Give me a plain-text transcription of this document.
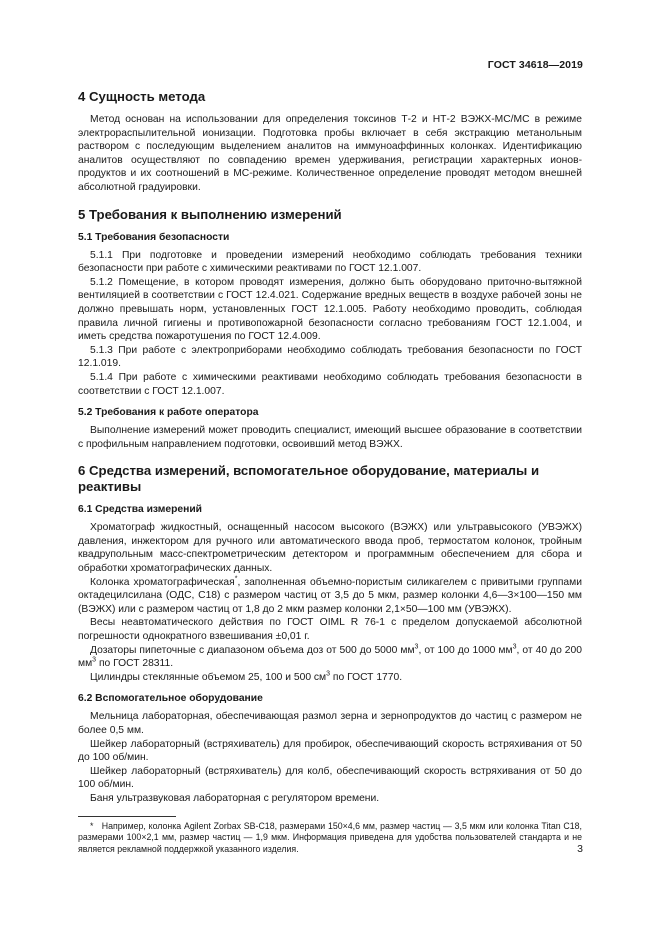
ГОСТ 34618—2019
4 Сущность метода

Метод основан на использовании для определения токсинов Т-2 и НТ-2 ВЭЖХ-МС/МС в режиме электрораспылительной ионизации. Подготовка пробы включает в себя экстракцию метанольным раствором с последующим выделением аналитов на иммуноаффинных колонках. Идентификацию аналитов осуществляют по совпадению времен удерживания, регистрации характерных ионов-продуктов и их соотношений в МС-режиме. Количественное определение проводят методом внешней абсолютной градуировки.

5 Требования к выполнению измерений
5.1 Требования безопасности

5.1.1 При подготовке и проведении измерений необходимо соблюдать требования техники безопасности при работе с химическими реактивами по ГОСТ 12.1.007.

5.1.2 Помещение, в котором проводят измерения, должно быть оборудовано приточно-вытяжной вентиляцией в соответствии с ГОСТ 12.4.021. Содержание вредных веществ в воздухе рабочей зоны не должно превышать норм, установленных ГОСТ 12.1.005. Работу необходимо проводить, соблюдая правила личной гигиены и противопожарной безопасности согласно требованиям ГОСТ 12.1.004, и иметь средства пожаротушения по ГОСТ 12.4.009.

5.1.3 При работе с электроприборами необходимо соблюдать требования безопасности по ГОСТ 12.1.019.

5.1.4 При работе с химическими реактивами необходимо соблюдать требования безопасности в соответствии с ГОСТ 12.1.007.

5.2 Требования к работе оператора

Выполнение измерений может проводить специалист, имеющий высшее образование в соответствии с профильным направлением подготовки, освоивший метод ВЭЖХ.

6 Средства измерений, вспомогательное оборудование, материалы и реактивы
6.1 Средства измерений

Хроматограф жидкостный, оснащенный насосом высокого (ВЭЖХ) или ультравысокого (УВЭЖХ) давления, инжектором для ручного или автоматического ввода проб, термостатом колонок, тройным квадрупольным масс-спектрометрическим детектором и программным обеспечением для сбора и обработки хроматографических данных.

Колонка хроматографическая*, заполненная объемно-пористым силикагелем с привитыми группами октадецилсилана (ОДС, С18) с размером частиц от 3,5 до 5 мкм, размер колонки 4,6—3×100—150 мм (ВЭЖХ) или с размером частиц от 1,8 до 2 мкм размер колонки 2,1×50—100 мм (УВЭЖХ).

Весы неавтоматического действия по ГОСТ OIML R 76-1 с пределом допускаемой абсолютной погрешности однократного взвешивания ±0,01 г.

Дозаторы пипеточные с диапазоном объема доз от 500 до 5000 $мм^3$, от 100 до 1000 $мм^3$, от 40 до 200 $мм^3$ по ГОСТ 28311.

Цилиндры стеклянные объемом 25, 100 и 500 $см^3$ по ГОСТ 1770.

6.2 Вспомогательное оборудование

Мельница лабораторная, обеспечивающая размол зерна и зернопродуктов до частиц с размером не более 0,5 мм.

Шейкер лабораторный (встряхиватель) для пробирок, обеспечивающий скорость встряхивания от 50 до 100 об/мин.

Шейкер лабораторный (встряхиватель) для колб, обеспечивающий скорость встряхивания от 50 до 100 об/мин.

Баня ультразвуковая лабораторная с регулятором времени.

* Например, колонка Agilent Zorbax SB-C18, размерами 150×4,6 мм, размер частиц — 3,5 мкм или колонка Titan C18, размерами 100×2,1 мм, размер частиц — 1,9 мкм. Информация приведена для удобства пользователей стандарта и не является рекламной поддержкой указанного изделия.	3
